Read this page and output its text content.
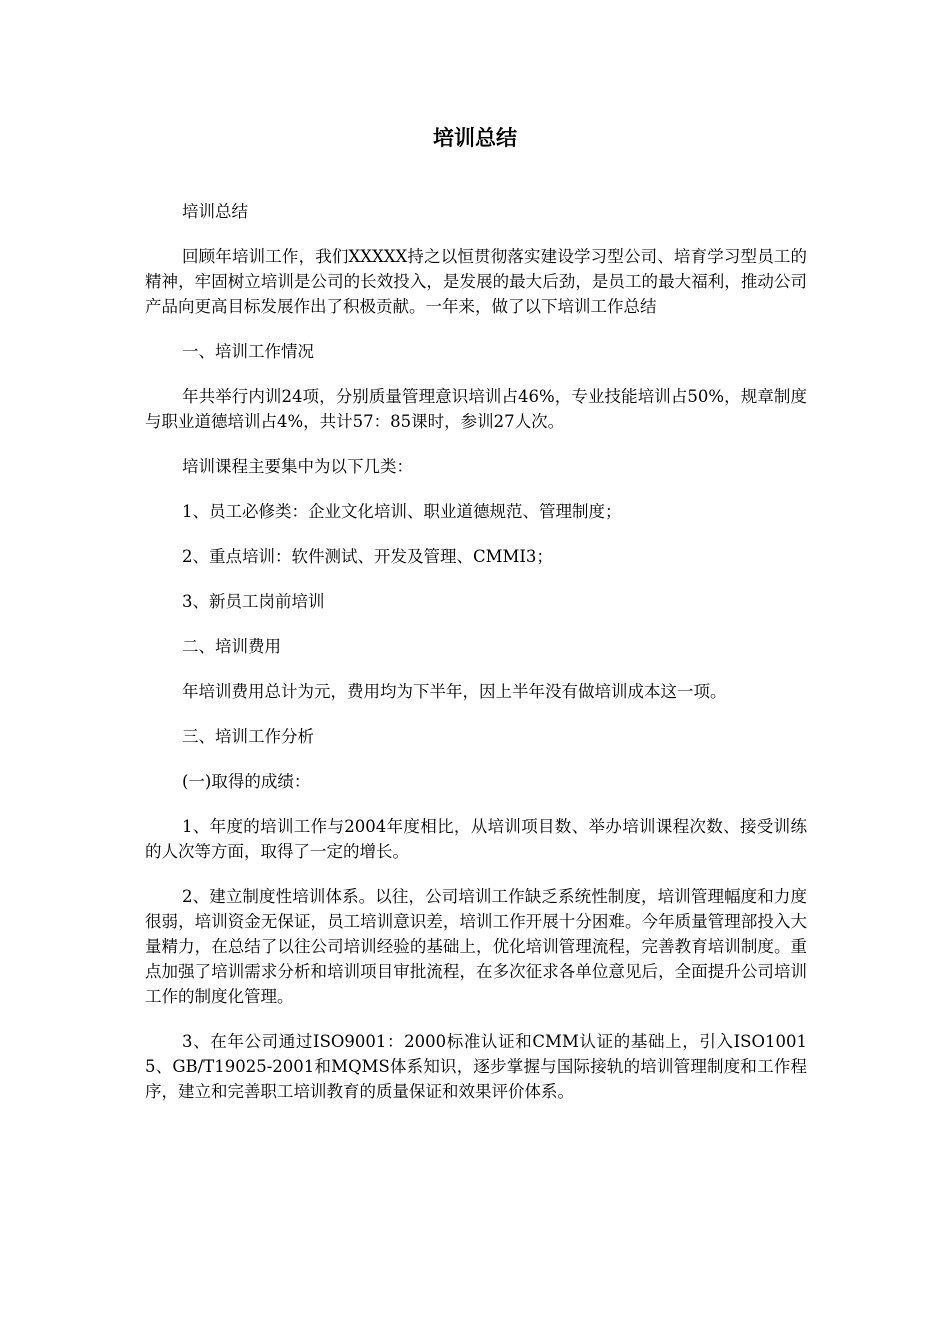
培训总结

培训总结

回顾年培训工作，我们XXXXX持之以恒贯彻落实建设学习型公司、培育学习型员工的精神，牢固树立培训是公司的长效投入，是发展的最大后劲，是员工的最大福利，推动公司产品向更高目标发展作出了积极贡献。一年来，做了以下培训工作总结

一、培训工作情况

年共举行内训24项，分别质量管理意识培训占46%，专业技能培训占50%，规章制度与职业道德培训占4%，共计57：85课时，参训27人次。

培训课程主要集中为以下几类：

1、员工必修类：企业文化培训、职业道德规范、管理制度；

2、重点培训：软件测试、开发及管理、CMMI3；

3、新员工岗前培训

二、培训费用

年培训费用总计为元，费用均为下半年，因上半年没有做培训成本这一项。

三、培训工作分析

(一)取得的成绩：

1、年度的培训工作与2004年度相比，从培训项目数、举办培训课程次数、接受训练的人次等方面，取得了一定的增长。

2、建立制度性培训体系。以往，公司培训工作缺乏系统性制度，培训管理幅度和力度很弱，培训资金无保证，员工培训意识差，培训工作开展十分困难。今年质量管理部投入大量精力，在总结了以往公司培训经验的基础上，优化培训管理流程，完善教育培训制度。重点加强了培训需求分析和培训项目审批流程，在多次征求各单位意见后，全面提升公司培训工作的制度化管理。

3、在年公司通过ISO9001：2000标准认证和CMM认证的基础上，引入ISO10015、GB/T19025-2001和MQMS体系知识，逐步掌握与国际接轨的培训管理制度和工作程序，建立和完善职工培训教育的质量保证和效果评价体系。
